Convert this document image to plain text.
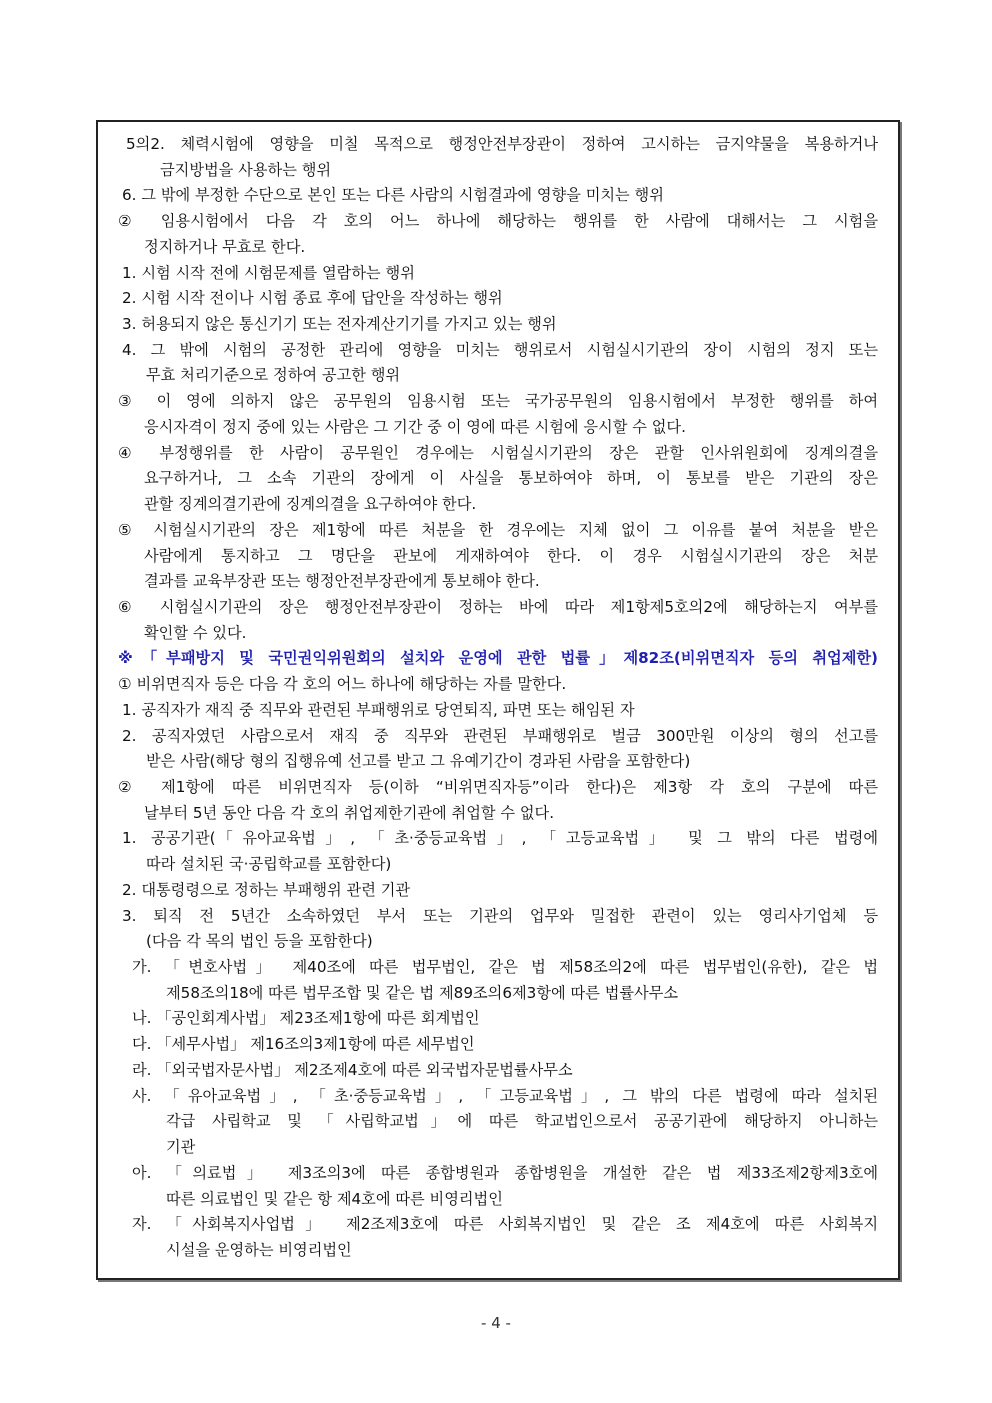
5의2. 체력시험에 영향을 미칠 목적으로 행정안전부장관이 정하여 고시하는 금지약물을 복용하거나
금지방법을 사용하는 행위
6. 그 밖에 부정한 수단으로 본인 또는 다른 사람의 시험결과에 영향을 미치는 행위
② 임용시험에서 다음 각 호의 어느 하나에 해당하는 행위를 한 사람에 대해서는 그 시험을
정지하거나 무효로 한다.
1. 시험 시작 전에 시험문제를 열람하는 행위
2. 시험 시작 전이나 시험 종료 후에 답안을 작성하는 행위
3. 허용되지 않은 통신기기 또는 전자계산기기를 가지고 있는 행위
4. 그 밖에 시험의 공정한 관리에 영향을 미치는 행위로서 시험실시기관의 장이 시험의 정지 또는
무효 처리기준으로 정하여 공고한 행위
③ 이 영에 의하지 않은 공무원의 임용시험 또는 국가공무원의 임용시험에서 부정한 행위를 하여
응시자격이 정지 중에 있는 사람은 그 기간 중 이 영에 따른 시험에 응시할 수 없다.
④ 부정행위를 한 사람이 공무원인 경우에는 시험실시기관의 장은 관할 인사위원회에 징계의결을
요구하거나, 그 소속 기관의 장에게 이 사실을 통보하여야 하며, 이 통보를 받은 기관의 장은
관할 징계의결기관에 징계의결을 요구하여야 한다.
⑤ 시험실시기관의 장은 제1항에 따른 처분을 한 경우에는 지체 없이 그 이유를 붙여 처분을 받은
사람에게 통지하고 그 명단을 관보에 게재하여야 한다. 이 경우 시험실시기관의 장은 처분
결과를 교육부장관 또는 행정안전부장관에게 통보해야 한다.
⑥ 시험실시기관의 장은 행정안전부장관이 정하는 바에 따라 제1항제5호의2에 해당하는지 여부를
확인할 수 있다.
※「부패방지 및 국민권익위원회의 설치와 운영에 관한 법률」제82조(비위면직자 등의 취업제한)
① 비위면직자 등은 다음 각 호의 어느 하나에 해당하는 자를 말한다.
1. 공직자가 재직 중 직무와 관련된 부패행위로 당연퇴직, 파면 또는 해임된 자
2. 공직자였던 사람으로서 재직 중 직무와 관련된 부패행위로 벌금 300만원 이상의 형의 선고를
받은 사람(해당 형의 집행유예 선고를 받고 그 유예기간이 경과된 사람을 포함한다)
② 제1항에 따른 비위면직자 등(이하 “비위면직자등”이라 한다)은 제3항 각 호의 구분에 따른
날부터 5년 동안 다음 각 호의 취업제한기관에 취업할 수 없다.
1. 공공기관(「유아교육법」, 「초·중등교육법」, 「고등교육법」 및 그 밖의 다른 법령에
따라 설치된 국·공립학교를 포함한다)
2. 대통령령으로 정하는 부패행위 관련 기관
3. 퇴직 전 5년간 소속하였던 부서 또는 기관의 업무와 밀접한 관련이 있는 영리사기업체 등
(다음 각 목의 법인 등을 포함한다)
가. 「변호사법」 제40조에 따른 법무법인, 같은 법 제58조의2에 따른 법무법인(유한), 같은 법
제58조의18에 따른 법무조합 및 같은 법 제89조의6제3항에 따른 법률사무소
나. 「공인회계사법」 제23조제1항에 따른 회계법인
다. 「세무사법」 제16조의3제1항에 따른 세무법인
라. 「외국법자문사법」 제2조제4호에 따른 외국법자문법률사무소
사. 「유아교육법」, 「초·중등교육법」, 「고등교육법」, 그 밖의 다른 법령에 따라 설치된
각급 사립학교 및 「사립학교법」에 따른 학교법인으로서 공공기관에 해당하지 아니하는
기관
아. 「의료법」 제3조의3에 따른 종합병원과 종합병원을 개설한 같은 법 제33조제2항제3호에
따른 의료법인 및 같은 항 제4호에 따른 비영리법인
자. 「사회복지사업법」 제2조제3호에 따른 사회복지법인 및 같은 조 제4호에 따른 사회복지
시설을 운영하는 비영리법인
- 4 -
